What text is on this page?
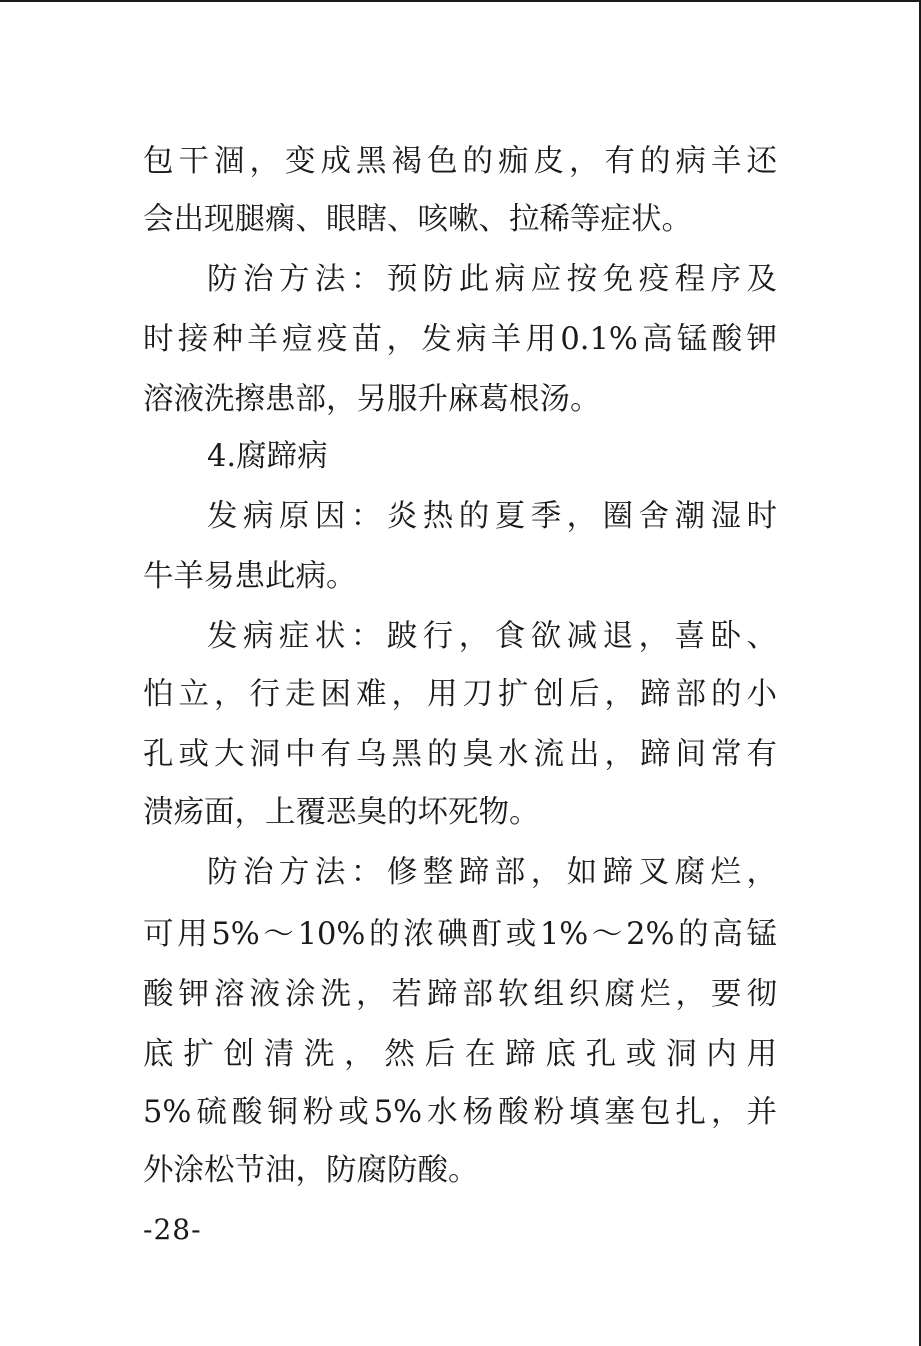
包干涸，变成黑褐色的痂皮，有的病羊还
会出现腿瘸、眼瞎、咳嗽、拉稀等症状。
防治方法：预防此病应按免疫程序及
时接种羊痘疫苗，发病羊用0.1%高锰酸钾
溶液洗擦患部，另服升麻葛根汤。
4.腐蹄病
发病原因：炎热的夏季，圈舍潮湿时
牛羊易患此病。
发病症状：跛行，食欲减退，喜卧、
怕立，行走困难，用刀扩创后，蹄部的小
孔或大洞中有乌黑的臭水流出，蹄间常有
溃疡面，上覆恶臭的坏死物。
防治方法：修整蹄部，如蹄叉腐烂，
可用5%～10%的浓碘酊或1%～2%的高锰
酸钾溶液涂洗，若蹄部软组织腐烂，要彻
底扩创清洗，然后在蹄底孔或洞内用
5%硫酸铜粉或5%水杨酸粉填塞包扎，并
外涂松节油，防腐防酸。
-28-
